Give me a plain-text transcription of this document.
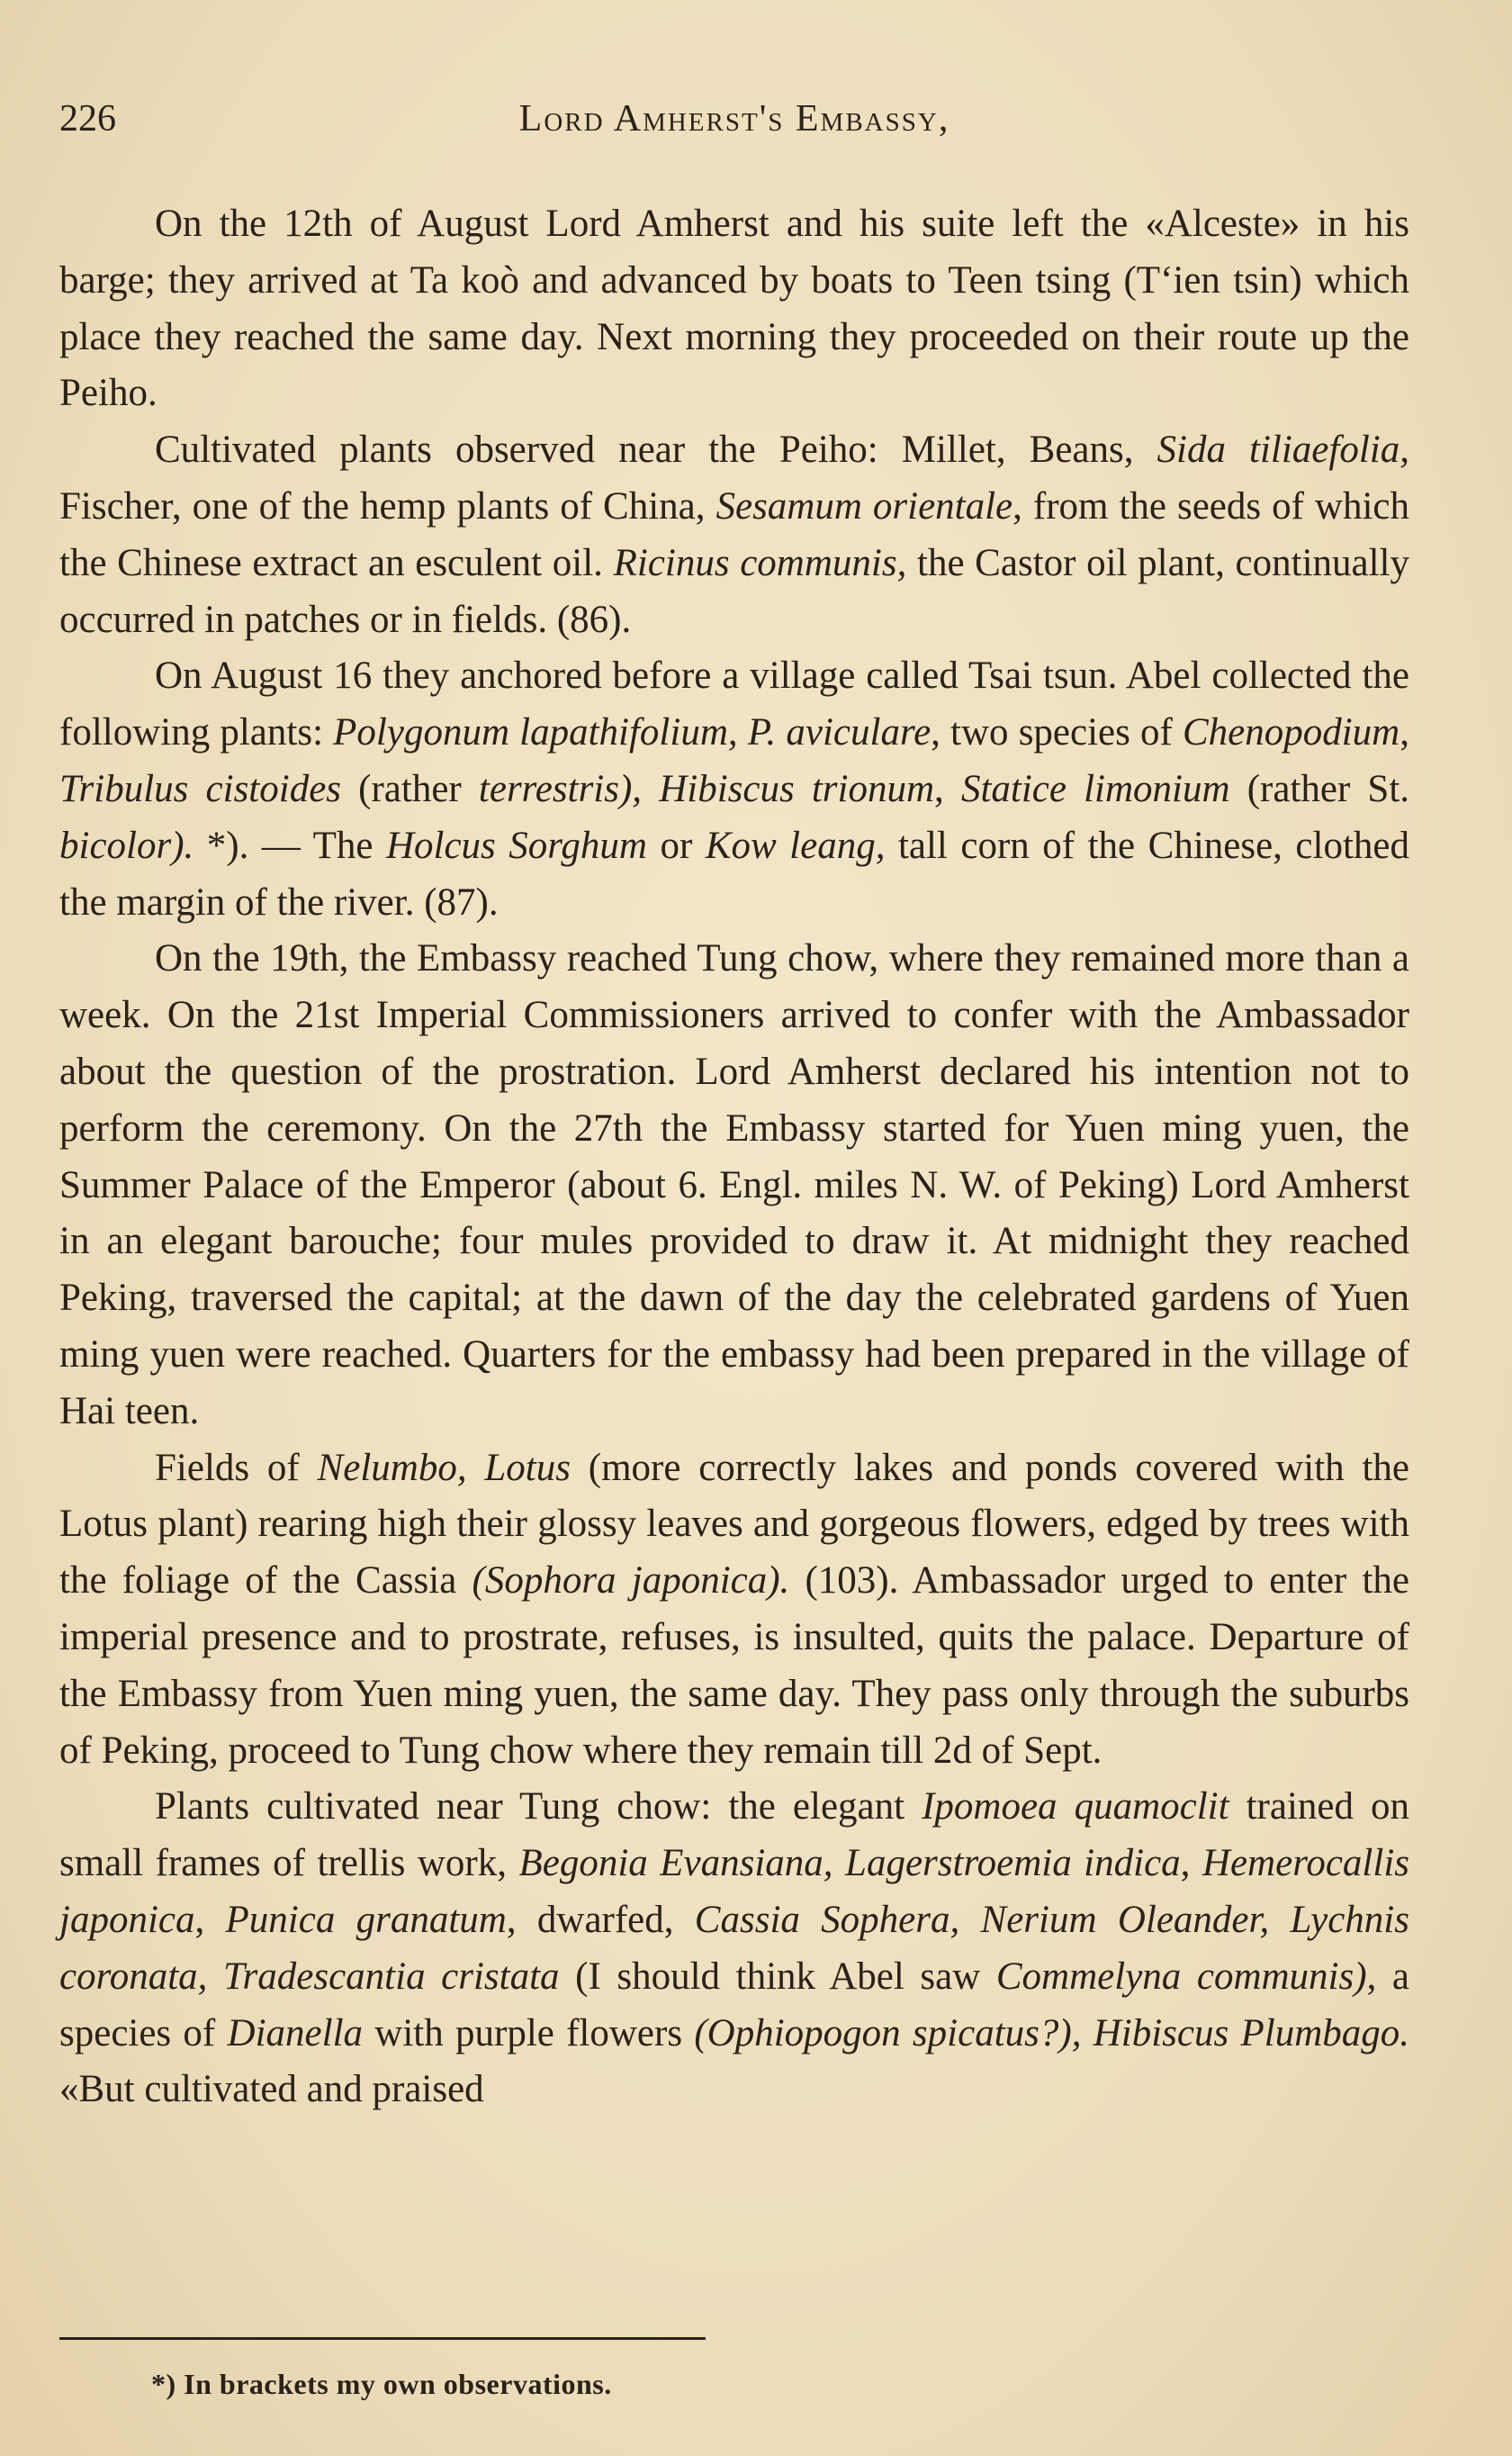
226	Lord Amherst's Embassy,

On the 12th of August Lord Amherst and his suite left the «Alceste» in his barge; they arrived at Ta koò and advanced by boats to Teen tsing (T‘ien tsin) which place they reached the same day. Next morning they proceeded on their route up the Peiho.

Cultivated plants observed near the Peiho: Millet, Beans, Sida tiliaefolia, Fischer, one of the hemp plants of China, Sesamum orientale, from the seeds of which the Chinese extract an esculent oil. Ricinus communis, the Castor oil plant, continually occurred in patches or in fields. (86).

On August 16 they anchored before a village called Tsai tsun. Abel collected the following plants: Polygonum lapathifolium, P. aviculare, two species of Chenopodium, Tribulus cistoides (rather terrestris), Hibiscus trionum, Statice limonium (rather St. bicolor). *). — The Holcus Sorghum or Kow leang, tall corn of the Chinese, clothed the margin of the river. (87).

On the 19th, the Embassy reached Tung chow, where they remained more than a week. On the 21st Imperial Commissioners arrived to confer with the Ambassador about the question of the prostration. Lord Amherst declared his intention not to perform the ceremony. On the 27th the Embassy started for Yuen ming yuen, the Summer Palace of the Emperor (about 6. Engl. miles N. W. of Peking) Lord Amherst in an elegant barouche; four mules provided to draw it. At midnight they reached Peking, traversed the capital; at the dawn of the day the celebrated gardens of Yuen ming yuen were reached. Quarters for the embassy had been prepared in the village of Hai teen.

Fields of Nelumbo, Lotus (more correctly lakes and ponds covered with the Lotus plant) rearing high their glossy leaves and gorgeous flowers, edged by trees with the foliage of the Cassia (Sophora japonica). (103). Ambassador urged to enter the imperial presence and to prostrate, refuses, is insulted, quits the palace. Departure of the Embassy from Yuen ming yuen, the same day. They pass only through the suburbs of Peking, proceed to Tung chow where they remain till 2d of Sept.

Plants cultivated near Tung chow: the elegant Ipomoea quamoclit trained on small frames of trellis work, Begonia Evansiana, Lagerstroemia indica, Hemerocallis japonica, Punica granatum, dwarfed, Cassia Sophera, Nerium Oleander, Lychnis coronata, Tradescantia cristata (I should think Abel saw Commelyna communis), a species of Dianella with purple flowers (Ophiopogon spicatus?), Hibiscus Plumbago. «But cultivated and praised

*) In brackets my own observations.
